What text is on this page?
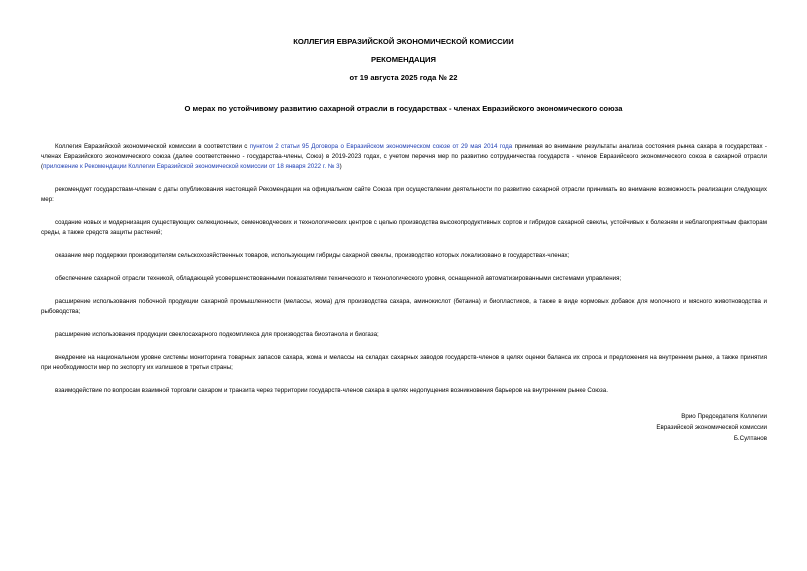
КОЛЛЕГИЯ ЕВРАЗИЙСКОЙ ЭКОНОМИЧЕСКОЙ КОМИССИИ
РЕКОМЕНДАЦИЯ
от 19 августа 2025 года № 22
О мерах по устойчивому развитию сахарной отрасли в государствах - членах Евразийского экономического союза

Коллегия Евразийской экономической комиссии в соответствии с пунктом 2 статьи 95 Договора о Евразийском экономическом союзе от 29 мая 2014 года принимая во внимание результаты анализа состояния рынка сахара в государствах - членах Евразийского экономического союза (далее соответственно - государства-члены, Союз) в 2019-2023 годах, с учетом перечня мер по развитию сотрудничества государств - членов Евразийского экономического союза в сахарной отрасли (приложение к Рекомендации Коллегии Евразийской экономической комиссии от 18 января 2022 г. № 3)

рекомендует государствам-членам с даты опубликования настоящей Рекомендации на официальном сайте Союза при осуществлении деятельности по развитию сахарной отрасли принимать во внимание возможность реализации следующих мер:

создание новых и модернизация существующих селекционных, семеноводческих и технологических центров с целью производства высокопродуктивных сортов и гибридов сахарной свеклы, устойчивых к болезням и неблагоприятным факторам среды, а также средств защиты растений;

оказание мер поддержки производителям сельскохозяйственных товаров, использующим гибриды сахарной свеклы, производство которых локализовано в государствах-членах;

обеспечение сахарной отрасли техникой, обладающей усовершенствованными показателями технического и технологического уровня, оснащенной автоматизированными системами управления;

расширение использования побочной продукции сахарной промышленности (мелассы, жома) для производства сахара, аминокислот (бетаина) и биопластиков, а также в виде кормовых добавок для молочного и мясного животноводства и рыбоводства;

расширение использования продукции свеклосахарного подкомплекса для производства биоэтанола и биогаза;

внедрение на национальном уровне системы мониторинга товарных запасов сахара, жома и мелассы на складах сахарных заводов государств-членов в целях оценки баланса их спроса и предложения на внутреннем рынке, а также принятия при необходимости мер по экспорту их излишков в третьи страны;

взаимодействие по вопросам взаимной торговли сахаром и транзита через территории государств-членов сахара в целях недопущения возникновения барьеров на внутреннем рынке Союза.

Врио Председателя Коллегии
Евразийской экономической комиссии
Б.Султанов
